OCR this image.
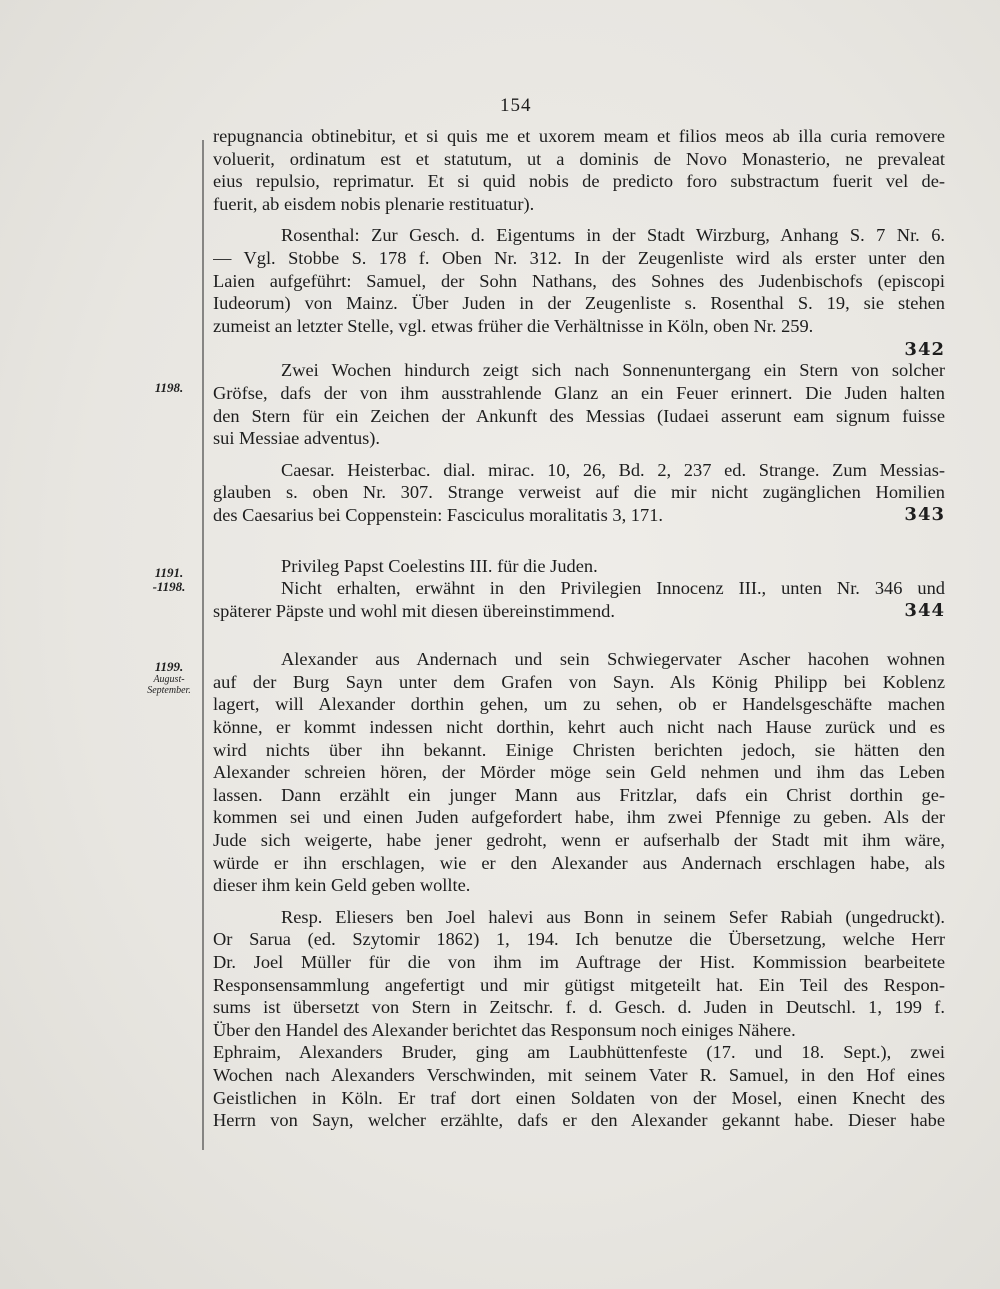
154
1198.
1191.
-1198.
1199.
August-
September.
repugnancia obtinebitur, et si quis me et uxorem meam et filios meos ab illa curia removere
voluerit, ordinatum est et statutum, ut a dominis de Novo Monasterio, ne prevaleat
eius repulsio, reprimatur. Et si quid nobis de predicto foro substractum fuerit vel de-
fuerit, ab eisdem nobis plenarie restituatur).
Rosenthal: Zur Gesch. d. Eigentums in der Stadt Wirzburg, Anhang S. 7 Nr. 6.
— Vgl. Stobbe S. 178 f. Oben Nr. 312. In der Zeugenliste wird als erster unter den
Laien aufgeführt: Samuel, der Sohn Nathans, des Sohnes des Judenbischofs (episcopi
Iudeorum) von Mainz. Über Juden in der Zeugenliste s. Rosenthal S. 19, sie stehen
zumeist an letzter Stelle, vgl. etwas früher die Verhältnisse in Köln, oben Nr. 259.
342
Zwei Wochen hindurch zeigt sich nach Sonnenuntergang ein Stern von solcher
Gröfse, dafs der von ihm ausstrahlende Glanz an ein Feuer erinnert. Die Juden halten
den Stern für ein Zeichen der Ankunft des Messias (Iudaei asserunt eam signum fuisse
sui Messiae adventus).
Caesar. Heisterbac. dial. mirac. 10, 26, Bd. 2, 237 ed. Strange. Zum Messias-
glauben s. oben Nr. 307. Strange verweist auf die mir nicht zugänglichen Homilien
des Caesarius bei Coppenstein: Fasciculus moralitatis 3, 171.	343
Privileg Papst Coelestins III. für die Juden.
Nicht erhalten, erwähnt in den Privilegien Innocenz III., unten Nr. 346 und
späterer Päpste und wohl mit diesen übereinstimmend.	344
Alexander aus Andernach und sein Schwiegervater Ascher hacohen wohnen
auf der Burg Sayn unter dem Grafen von Sayn. Als König Philipp bei Koblenz
lagert, will Alexander dorthin gehen, um zu sehen, ob er Handelsgeschäfte machen
könne, er kommt indessen nicht dorthin, kehrt auch nicht nach Hause zurück und es
wird nichts über ihn bekannt. Einige Christen berichten jedoch, sie hätten den
Alexander schreien hören, der Mörder möge sein Geld nehmen und ihm das Leben
lassen. Dann erzählt ein junger Mann aus Fritzlar, dafs ein Christ dorthin ge-
kommen sei und einen Juden aufgefordert habe, ihm zwei Pfennige zu geben. Als der
Jude sich weigerte, habe jener gedroht, wenn er aufserhalb der Stadt mit ihm wäre,
würde er ihn erschlagen, wie er den Alexander aus Andernach erschlagen habe, als
dieser ihm kein Geld geben wollte.
Resp. Eliesers ben Joel halevi aus Bonn in seinem Sefer Rabiah (ungedruckt).
Or Sarua (ed. Szytomir 1862) 1, 194. Ich benutze die Übersetzung, welche Herr
Dr. Joel Müller für die von ihm im Auftrage der Hist. Kommission bearbeitete
Responsensammlung angefertigt und mir gütigst mitgeteilt hat. Ein Teil des Respon-
sums ist übersetzt von Stern in Zeitschr. f. d. Gesch. d. Juden in Deutschl. 1, 199 f.
Über den Handel des Alexander berichtet das Responsum noch einiges Nähere.
Ephraim, Alexanders Bruder, ging am Laubhüttenfeste (17. und 18. Sept.), zwei
Wochen nach Alexanders Verschwinden, mit seinem Vater R. Samuel, in den Hof eines
Geistlichen in Köln. Er traf dort einen Soldaten von der Mosel, einen Knecht des
Herrn von Sayn, welcher erzählte, dafs er den Alexander gekannt habe. Dieser habe
